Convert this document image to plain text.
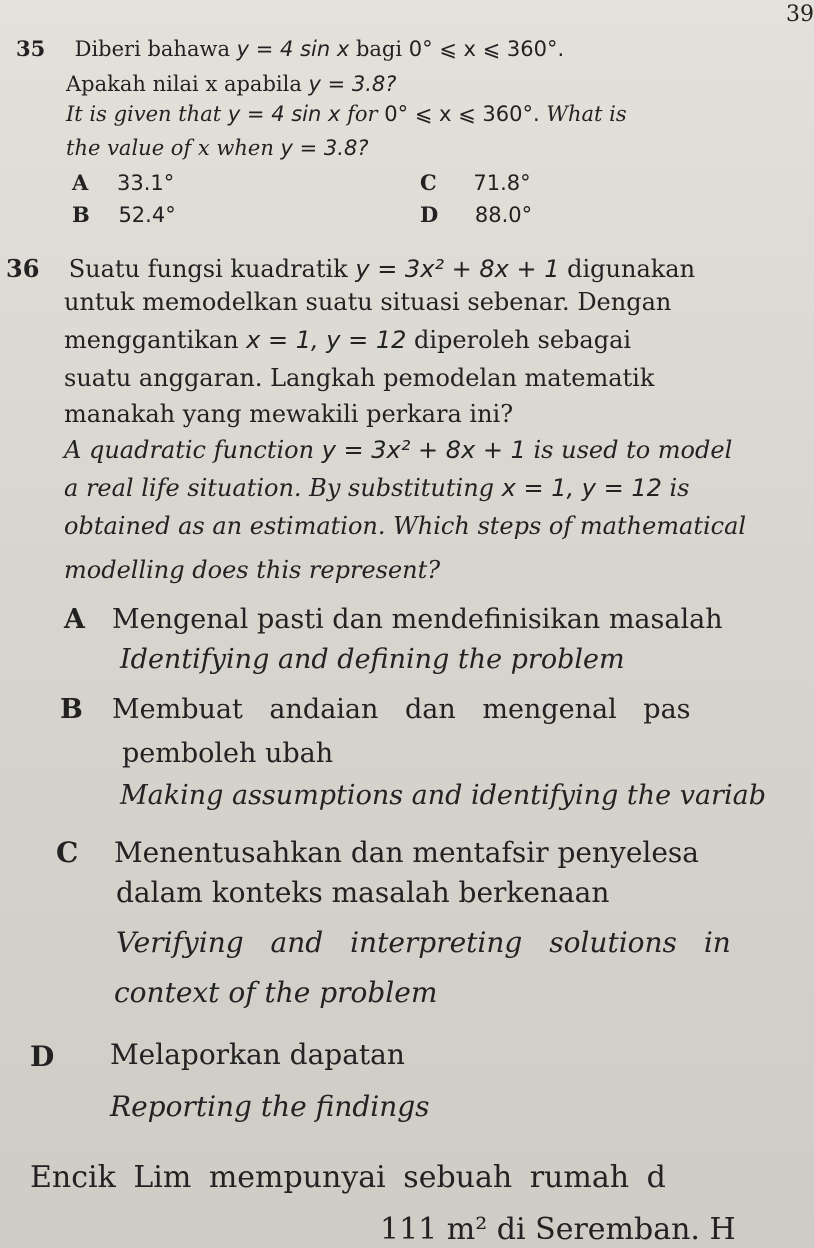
39
35 Diberi bahawa y = 4 sin x bagi 0° ⩽ x ⩽ 360°.
Apakah nilai x apabila y = 3.8?
It is given that y = 4 sin x for 0° ⩽ x ⩽ 360°. What is
the value of x when y = 3.8?
A 33.1°	C 71.8°
B 52.4°	D 88.0°
36 Suatu fungsi kuadratik y = 3x² + 8x + 1 digunakan
untuk memodelkan suatu situasi sebenar. Dengan
menggantikan x = 1, y = 12 diperoleh sebagai
suatu anggaran. Langkah pemodelan matematik
manakah yang mewakili perkara ini?
A quadratic function y = 3x² + 8x + 1 is used to model
a real life situation. By substituting x = 1, y = 12 is
obtained as an estimation. Which steps of mathematical
modelling does this represent?
A Mengenal pasti dan mendefinisikan masalah
Identifying and defining the problem
B Membuat andaian dan mengenal pas
pemboleh ubah
Making assumptions and identifying the variab
C Menentusahkan dan mentafsir penyelesa
dalam konteks masalah berkenaan
Verifying and interpreting solutions in
context of the problem
D Melaporkan dapatan
Reporting the findings
Encik Lim mempunyai sebuah rumah d
111 m² di Seremban. H
